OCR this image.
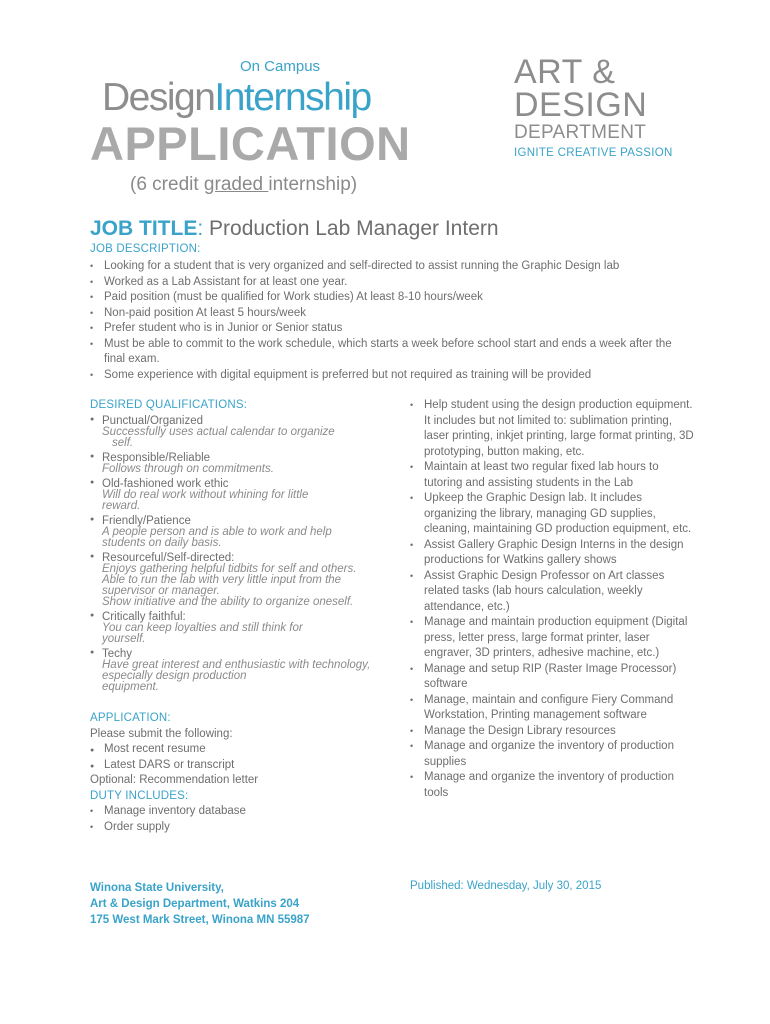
On Campus
DesignInternship
APPLICATION
(6 credit graded internship)
ART &
DESIGN
DEPARTMENT
IGNITE CREATIVE PASSION
JOB TITLE: Production Lab Manager Intern
JOB DESCRIPTION:
• Looking for a student that is very organized and self-directed to assist running the Graphic Design lab
• Worked as a Lab Assistant for at least one year.
• Paid position (must be qualified for Work studies) At least 8-10 hours/week
• Non-paid position At least 5 hours/week
• Prefer student who is in Junior or Senior status
• Must be able to commit to the work schedule, which starts a week before school start and ends a week after the final exam.
• Some experience with digital equipment is preferred but not required as training will be provided
DESIRED QUALIFICATIONS:
● Punctual/Organized
Successfully uses actual calendar to organize
self.
● Responsible/Reliable
Follows through on commitments.
● Old-fashioned work ethic
Will do real work without whining for little
reward.
● Friendly/Patience
A people person and is able to work and help
students on daily basis.
● Resourceful/Self-directed:
Enjoys gathering helpful tidbits for self and others.
Able to run the lab with very little input from the supervisor or manager.
Show initiative and the ability to organize oneself.
● Critically faithful:
You can keep loyalties and still think for
yourself.
● Techy
Have great interest and enthusiastic with technology, especially design production
equipment.
APPLICATION:
Please submit the following:
● Most recent resume
● Latest DARS or transcript
Optional: Recommendation letter
DUTY INCLUDES:
• Manage inventory database
• Order supply
• Help student using the design production equipment. It includes but not limited to: sublimation printing, laser printing, inkjet printing, large format printing, 3D prototyping, button making, etc.
• Maintain at least two regular fixed lab hours to tutoring and assisting students in the Lab
• Upkeep the Graphic Design lab. It includes organizing the library, managing GD supplies, cleaning, maintaining GD production equipment, etc.
• Assist Gallery Graphic Design Interns in the design productions for Watkins gallery shows
• Assist Graphic Design Professor on Art classes related tasks (lab hours calculation, weekly attendance, etc.)
• Manage and maintain production equipment (Digital press, letter press, large format printer, laser engraver, 3D printers, adhesive machine, etc.)
• Manage and setup RIP (Raster Image Processor) software
• Manage, maintain and configure Fiery Command Workstation, Printing management software
• Manage the Design Library resources
• Manage and organize the inventory of production supplies
• Manage and organize the inventory of production tools
Winona State University,
Art & Design Department, Watkins 204
175 West Mark Street, Winona MN 55987
Published: Wednesday, July 30, 2015
